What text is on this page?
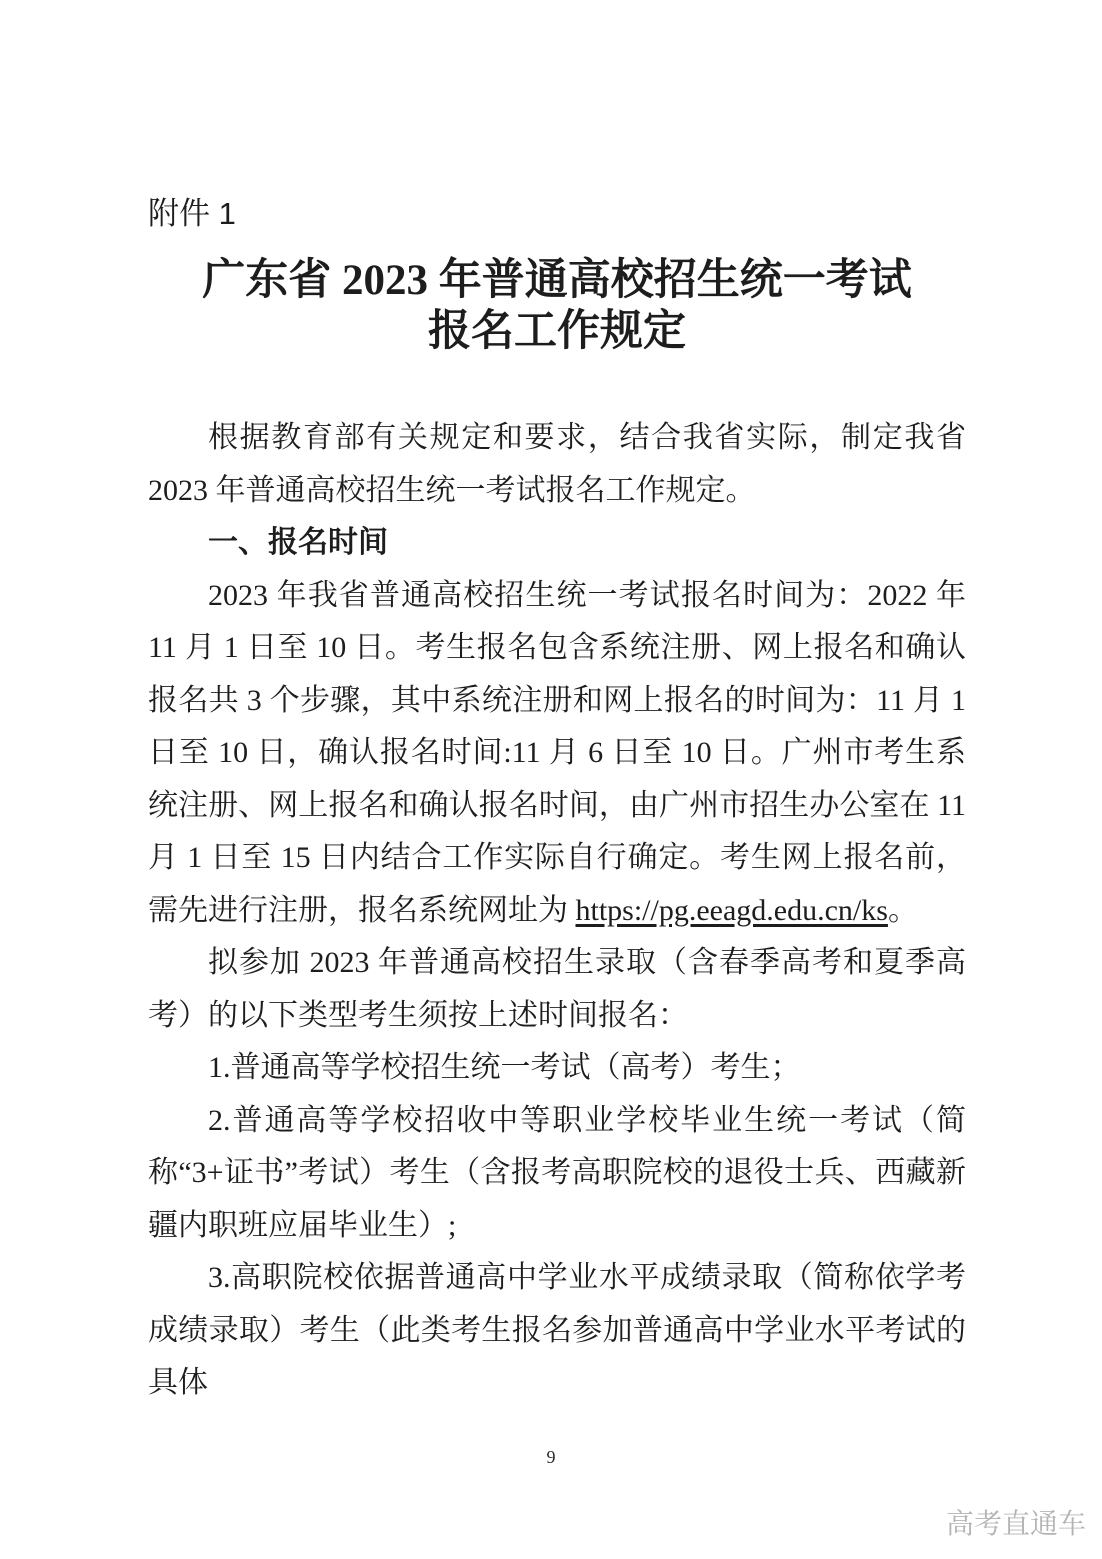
附件 1
广东省 2023 年普通高校招生统一考试
报名工作规定

根据教育部有关规定和要求，结合我省实际，制定我省 2023 年普通高校招生统一考试报名工作规定。

一、报名时间

2023 年我省普通高校招生统一考试报名时间为：2022 年 11 月 1 日至 10 日。考生报名包含系统注册、网上报名和确认报名共 3 个步骤，其中系统注册和网上报名的时间为：11 月 1 日至 10 日，确认报名时间:11 月 6 日至 10 日。广州市考生系统注册、网上报名和确认报名时间，由广州市招生办公室在 11 月 1 日至 15 日内结合工作实际自行确定。考生网上报名前，需先进行注册，报名系统网址为 https://pg.eeagd.edu.cn/ks。

拟参加 2023 年普通高校招生录取（含春季高考和夏季高考）的以下类型考生须按上述时间报名：

1.普通高等学校招生统一考试（高考）考生；

2.普通高等学校招收中等职业学校毕业生统一考试（简称“3+证书”考试）考生（含报考高职院校的退役士兵、西藏新疆内职班应届毕业生）;

3.高职院校依据普通高中学业水平成绩录取（简称依学考成绩录取）考生（此类考生报名参加普通高中学业水平考试的具体

9
高考直通车
